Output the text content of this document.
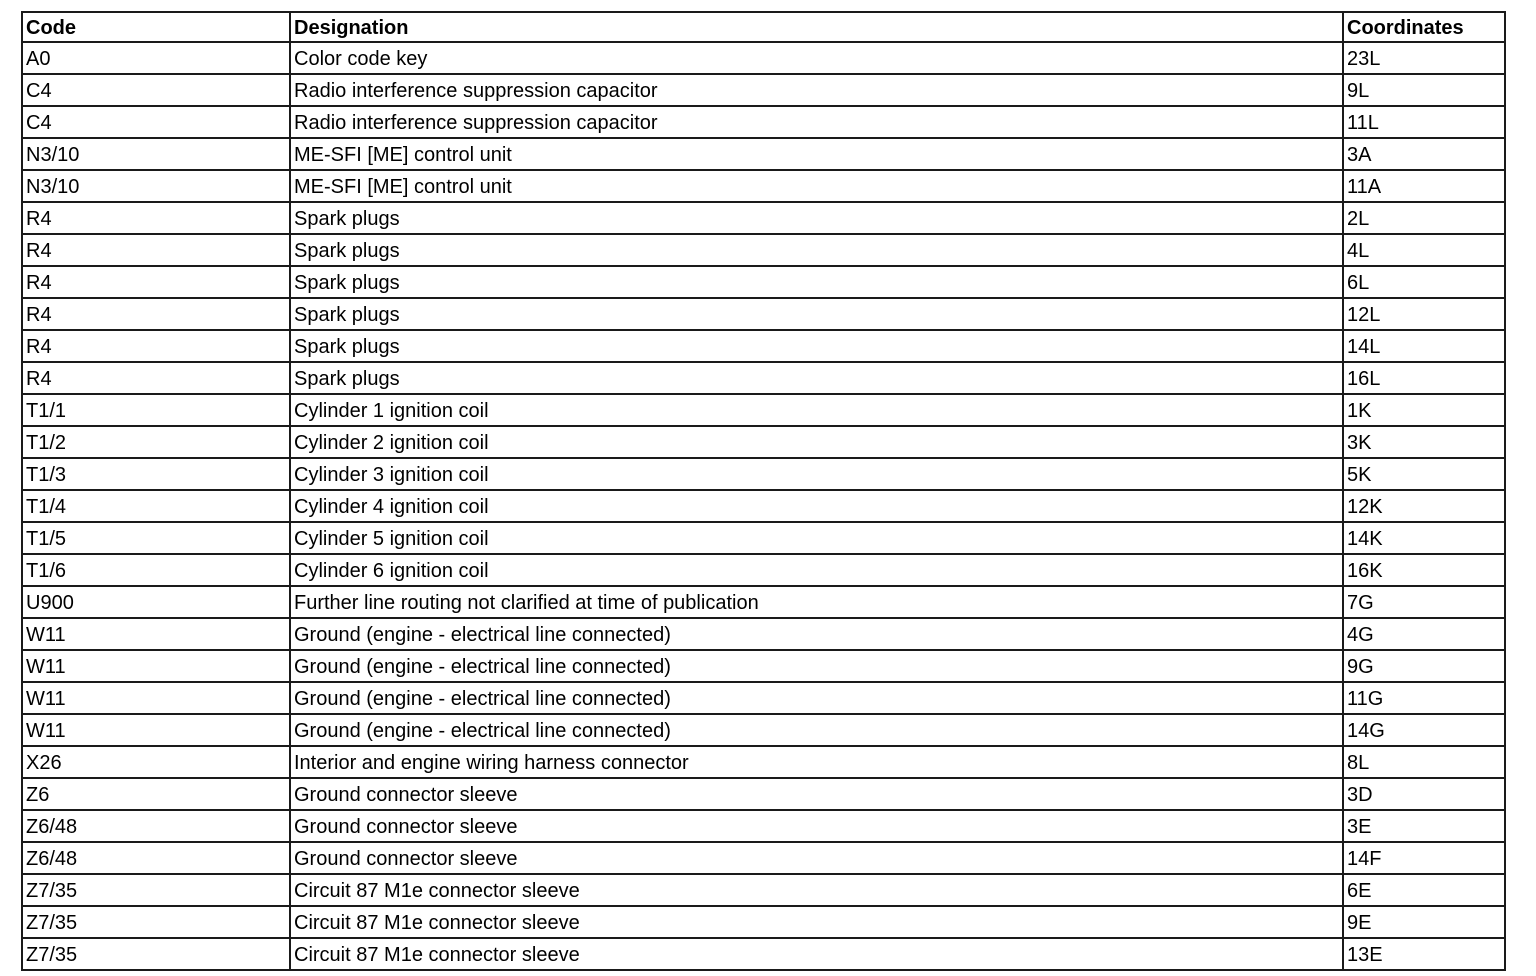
Code	Designation	Coordinates
A0	Color code key	23L
C4	Radio interference suppression capacitor	9L
C4	Radio interference suppression capacitor	11L
N3/10	ME-SFI [ME] control unit	3A
N3/10	ME-SFI [ME] control unit	11A
R4	Spark plugs	2L
R4	Spark plugs	4L
R4	Spark plugs	6L
R4	Spark plugs	12L
R4	Spark plugs	14L
R4	Spark plugs	16L
T1/1	Cylinder 1 ignition coil	1K
T1/2	Cylinder 2 ignition coil	3K
T1/3	Cylinder 3 ignition coil	5K
T1/4	Cylinder 4 ignition coil	12K
T1/5	Cylinder 5 ignition coil	14K
T1/6	Cylinder 6 ignition coil	16K
U900	Further line routing not clarified at time of publication	7G
W11	Ground (engine - electrical line connected)	4G
W11	Ground (engine - electrical line connected)	9G
W11	Ground (engine - electrical line connected)	11G
W11	Ground (engine - electrical line connected)	14G
X26	Interior and engine wiring harness connector	8L
Z6	Ground connector sleeve	3D
Z6/48	Ground connector sleeve	3E
Z6/48	Ground connector sleeve	14F
Z7/35	Circuit 87 M1e connector sleeve	6E
Z7/35	Circuit 87 M1e connector sleeve	9E
Z7/35	Circuit 87 M1e connector sleeve	13E
